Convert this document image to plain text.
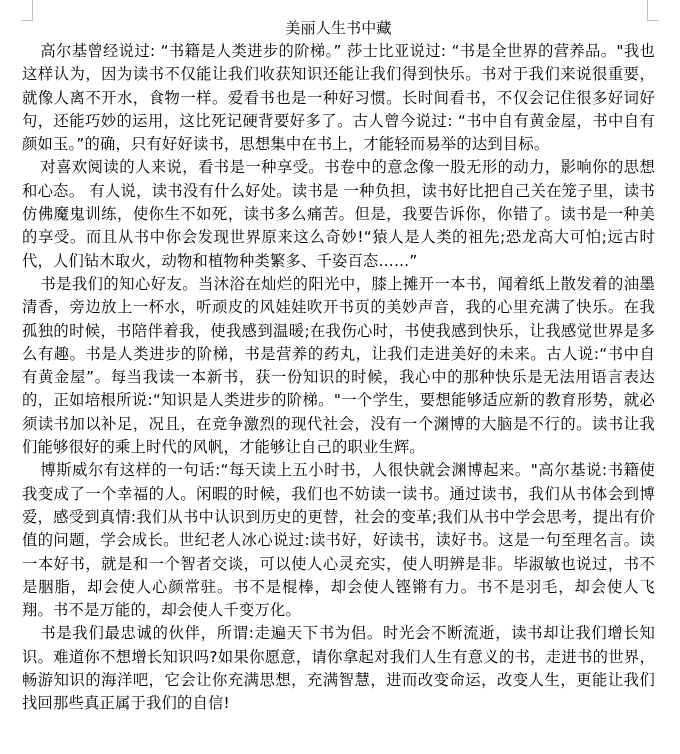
美丽人生书中藏

高尔基曾经说过: “书籍是人类进步的阶梯。” 莎士比亚说过: “书是全世界的营养品。"我也这样认为，因为读书不仅能让我们收获知识还能让我们得到快乐。书对于我们来说很重要，就像人离不开水，食物一样。爱看书也是一种好习惯。长时间看书，不仅会记住很多好词好句，还能巧妙的运用，这比死记硬背要好多了。古人曾今说过: “书中自有黄金屋，书中自有颜如玉。”的确，只有好好读书，思想集中在书上，才能轻而易举的达到目标。

对喜欢阅读的人来说，看书是一种享受。书卷中的意念像一股无形的动力，影响你的思想和心态。 有人说，读书没有什么好处。读书是 一种负担，读书好比把自己关在笼子里，读书仿佛魔鬼训练，使你生不如死，读书多么痛苦。但是，我要告诉你，你错了。读书是一种美的享受。而且从书中你会发现世界原来这么奇妙!“猿人是人类的祖先;恐龙高大可怕;远古时代，人们钻木取火，动物和植物种类繁多、千姿百态……”

书是我们的知心好友。当沐浴在灿烂的阳光中，膝上摊开一本书，闻着纸上散发着的油墨清香，旁边放上一杯水，听顽皮的风娃娃吹开书页的美妙声音，我的心里充满了快乐。在我孤独的时候，书陪伴着我，使我感到温暖;在我伤心时，书使我感到快乐，让我感觉世界是多么有趣。书是人类进步的阶梯，书是营养的药丸，让我们走进美好的未来。古人说:“书中自有黄金屋”。每当我读一本新书，获一份知识的时候，我心中的那种快乐是无法用语言表达的，正如培根所说:“知识是人类进步的阶梯。"一个学生，要想能够适应新的教育形势，就必须读书加以补足，况且，在竞争激烈的现代社会，没有一个渊博的大脑是不行的。读书让我们能够很好的乘上时代的风帆，才能够让自己的职业生辉。

博斯威尔有这样的一句话:“每天读上五小时书，人很快就会渊博起来。"高尔基说:书籍使我变成了一个幸福的人。闲暇的时候，我们也不妨读一读书。通过读书，我们从书体会到博爱，感受到真情:我们从书中认识到历史的更替，社会的变革;我们从书中学会思考，提出有价值的问题，学会成长。世纪老人冰心说过:读书好，好读书，读好书。这是一句至理名言。读一本好书，就是和一个智者交谈，可以使人心灵充实，使人明辨是非。毕淑敏也说过，书不是胭脂，却会使人心颜常驻。书不是棍棒，却会使人铿锵有力。书不是羽毛，却会使人飞翔。书不是万能的，却会使人千变万化。

书是我们最忠诚的伙伴，所谓:走遍天下书为侣。时光会不断流逝，读书却让我们增长知识。难道你不想增长知识吗?如果你愿意，请你拿起对我们人生有意义的书，走进书的世界，畅游知识的海洋吧，它会让你充满思想，充满智慧，进而改变命运，改变人生，更能让我们找回那些真正属于我们的自信!
